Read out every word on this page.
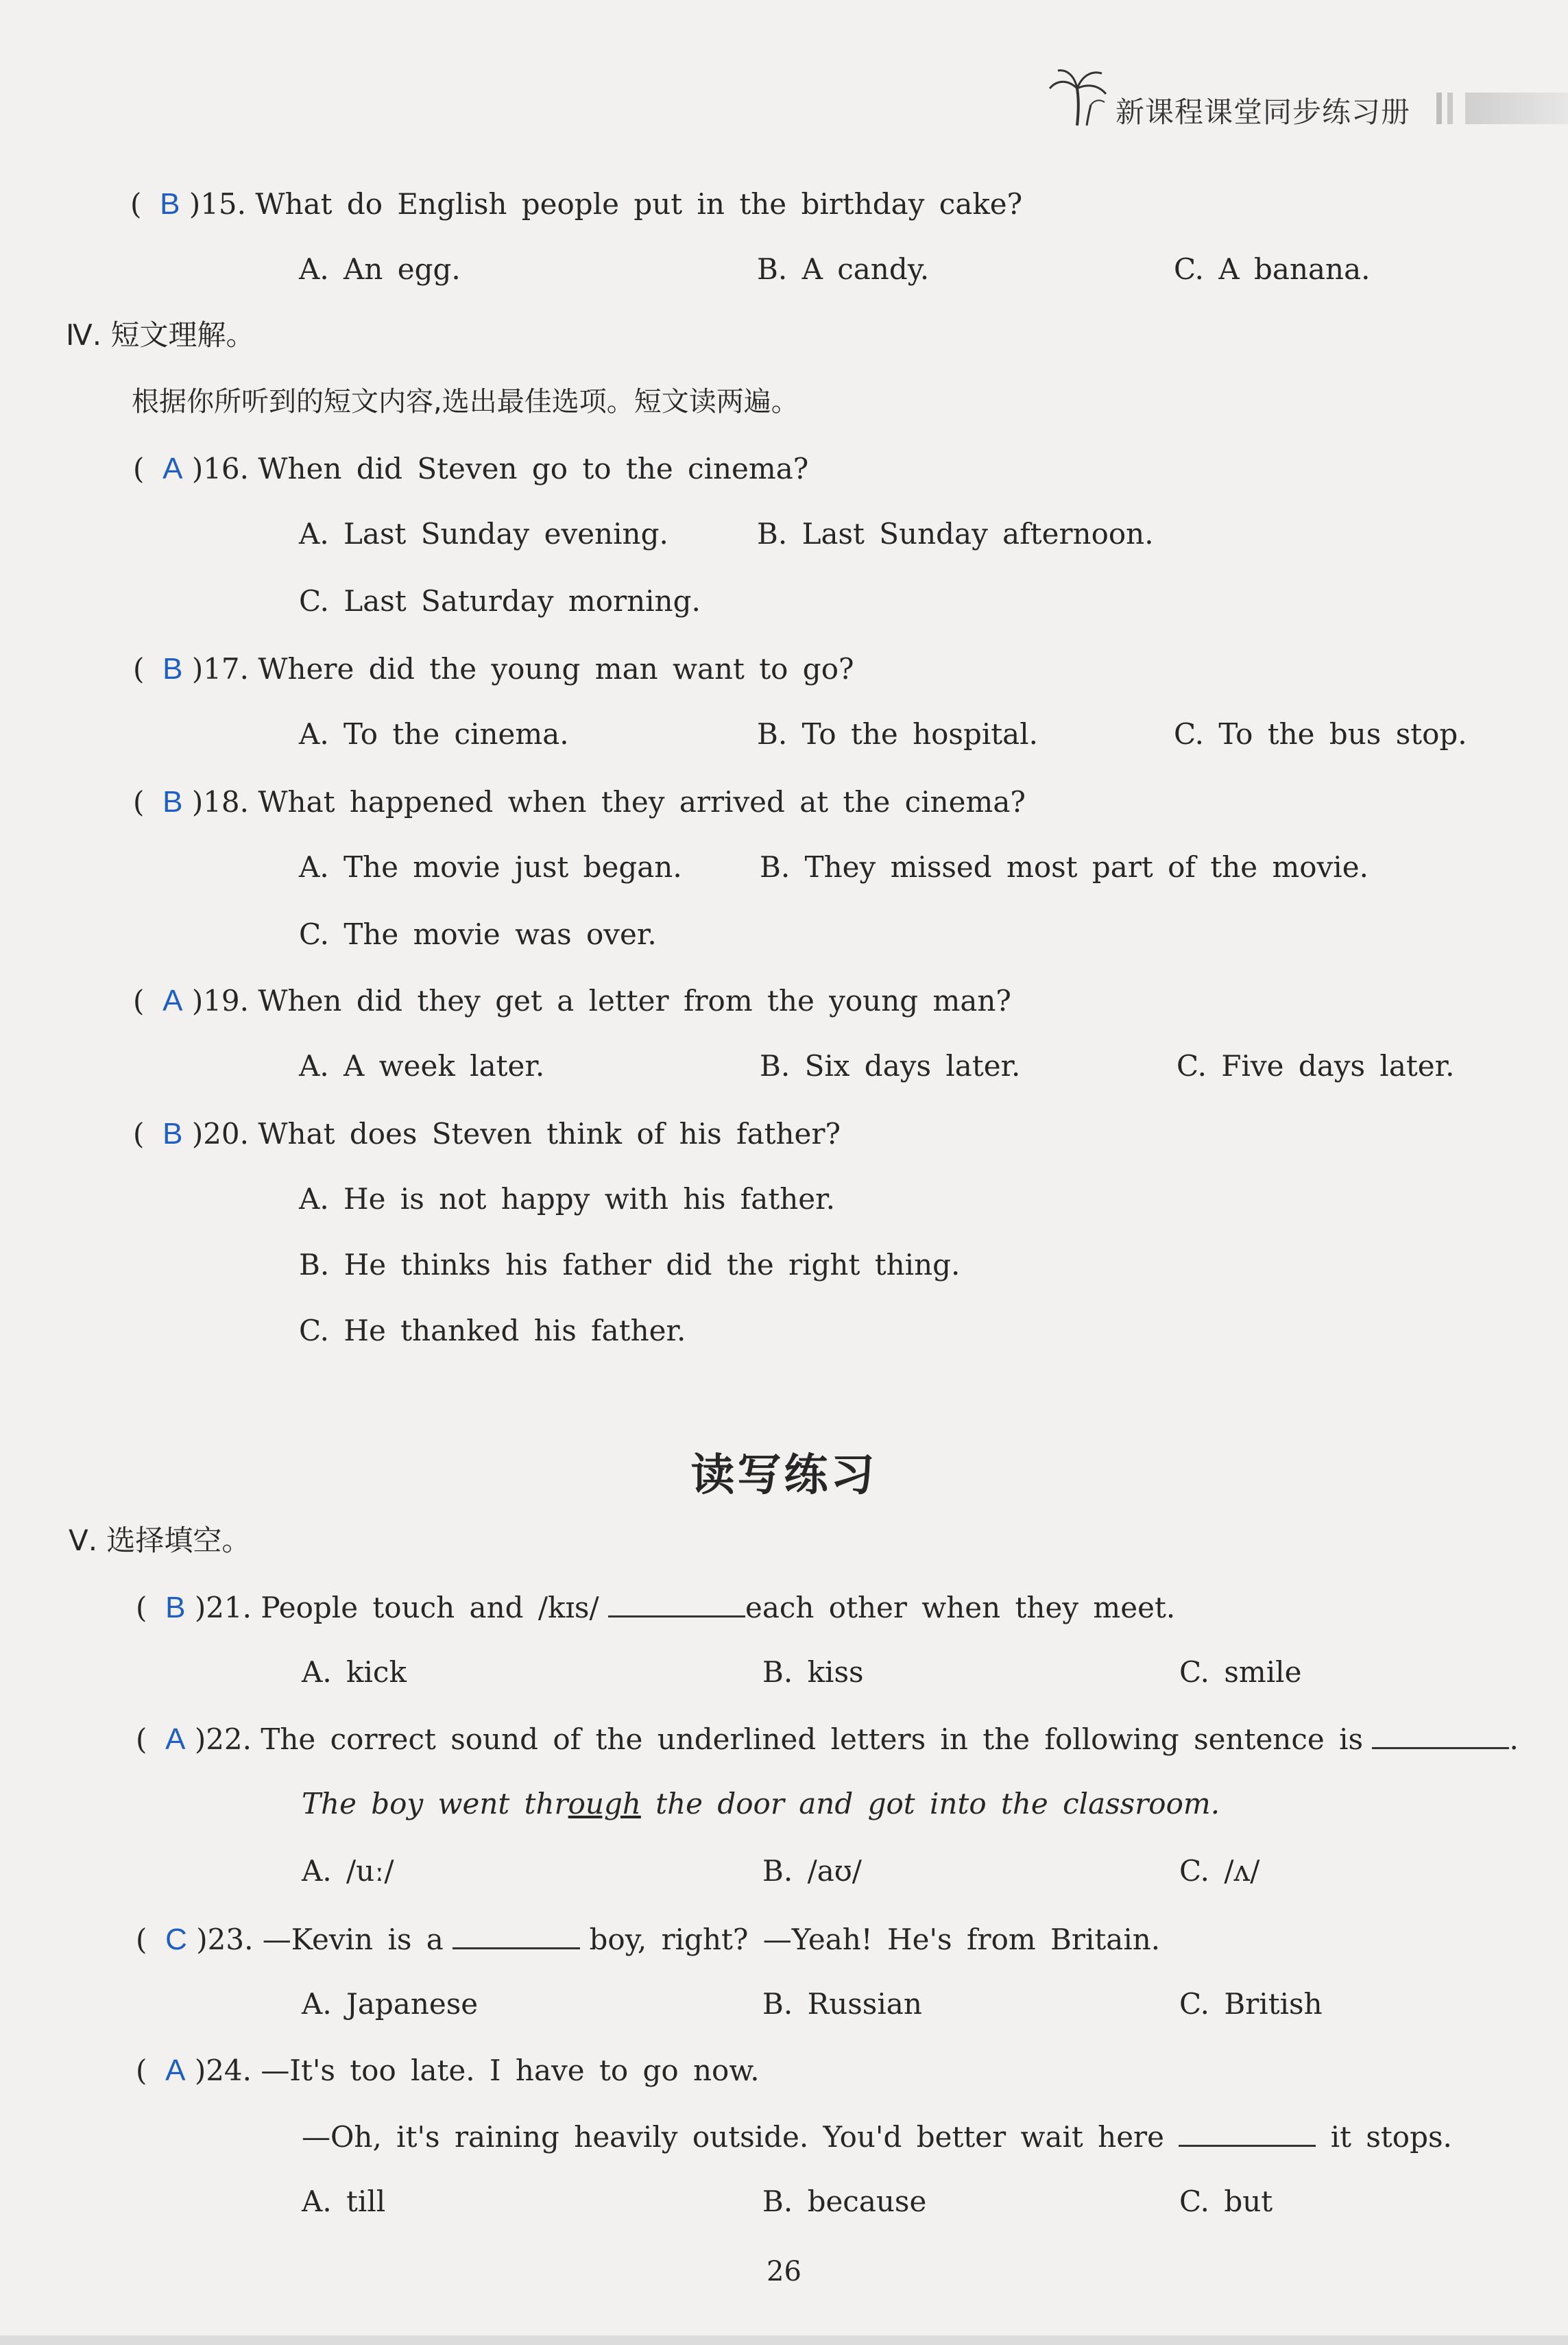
新课程课堂同步练习册
(  B )15. What do English people put in the birthday cake?
A. An egg.	B. A candy.	C. A banana.
Ⅳ. 短文理解。
根据你所听到的短文内容,选出最佳选项。短文读两遍。
(  A )16. When did Steven go to the cinema?
A. Last Sunday evening.	B. Last Sunday afternoon.
C. Last Saturday morning.
(  B )17. Where did the young man want to go?
A. To the cinema.	B. To the hospital.	C. To the bus stop.
(  B )18. What happened when they arrived at the cinema?
A. The movie just began.	B. They missed most part of the movie.
C. The movie was over.
(  A )19. When did they get a letter from the young man?
A. A week later.	B. Six days later.	C. Five days later.
(  B )20. What does Steven think of his father?
A. He is not happy with his father.
B. He thinks his father did the right thing.
C. He thanked his father.
读写练习
Ⅴ. 选择填空。
(  B )21. People touch and /kɪs/	each other when they meet.
A. kick	B. kiss	C. smile
(  A )22. The correct sound of the underlined letters in the following sentence is	.
The boy went through the door and got into the classroom.
A. /uː/	B. /aʊ/	C. /ʌ/
(  C )23. —Kevin is a	boy, right? —Yeah! He's from Britain.
A. Japanese	B. Russian	C. British
(  A )24. —It's too late. I have to go now.
—Oh, it's raining heavily outside. You'd better wait here	it stops.
A. till	B. because	C. but
26
